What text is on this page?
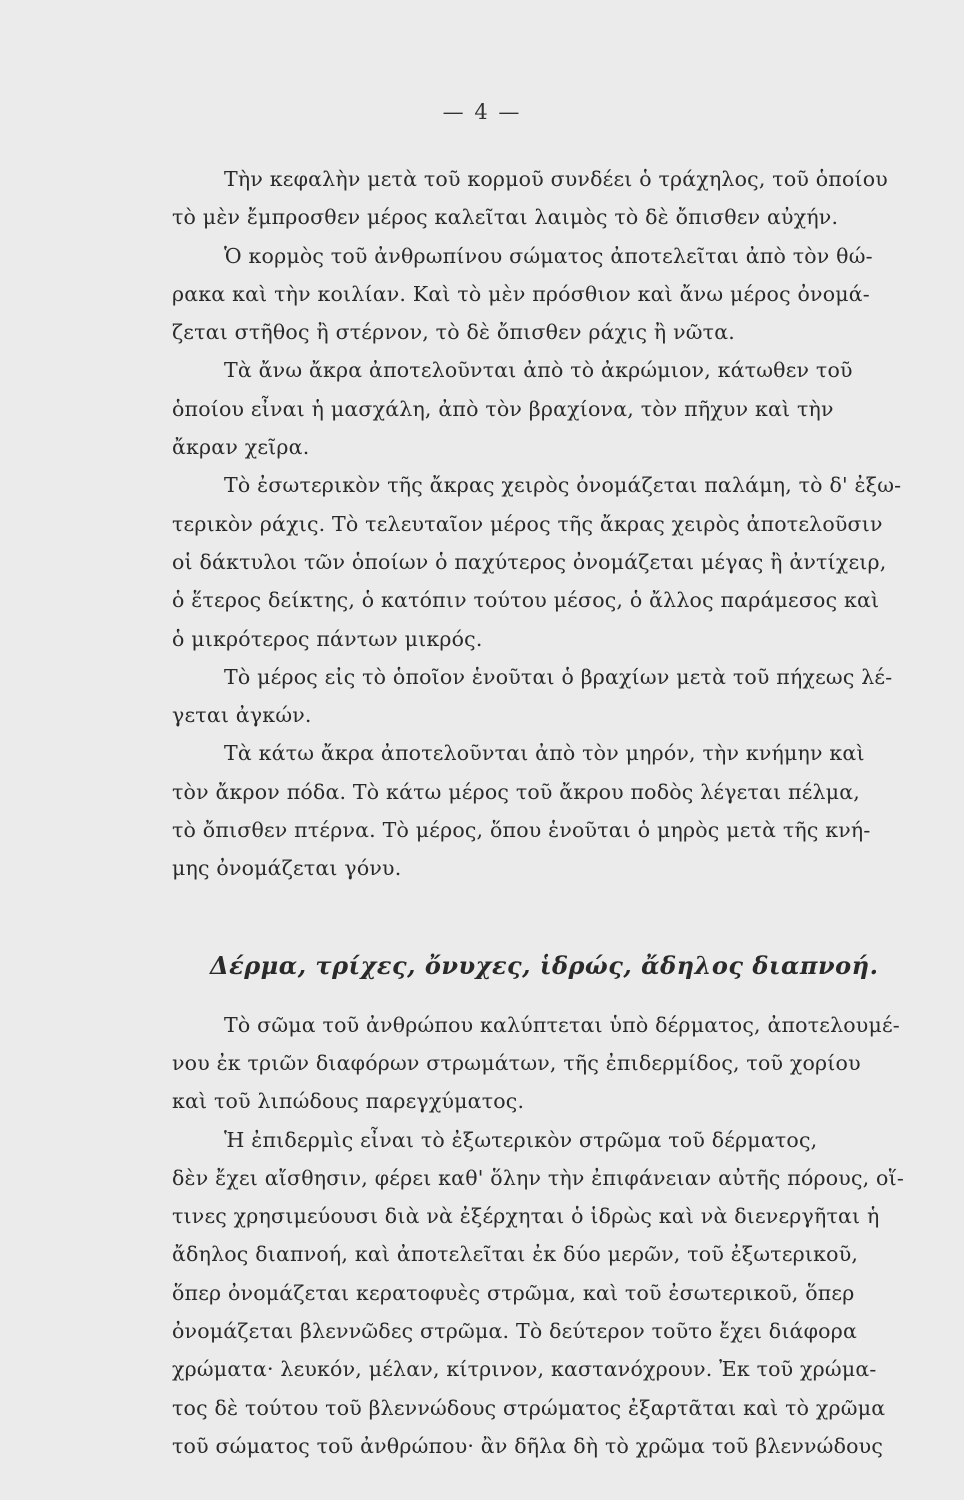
— 4 —
Τὴν κεφαλὴν μετὰ τοῦ κορμοῦ συνδέει ὁ τράχηλος, τοῦ ὁποίου
τὸ μὲν ἔμπροσθεν μέρος καλεῖται λαιμὸς τὸ δὲ ὄπισθεν αὐχήν.
Ὁ κορμὸς τοῦ ἀνθρωπίνου σώματος ἀποτελεῖται ἀπὸ τὸν θώ-
ρακα καὶ τὴν κοιλίαν. Καὶ τὸ μὲν πρόσθιον καὶ ἄνω μέρος ὀνομά-
ζεται στῆθος ἢ στέρνον, τὸ δὲ ὄπισθεν ράχις ἢ νῶτα.
Τὰ ἄνω ἄκρα ἀποτελοῦνται ἀπὸ τὸ ἀκρώμιον, κάτωθεν τοῦ
ὁποίου εἶναι ἡ μασχάλη, ἀπὸ τὸν βραχίονα, τὸν πῆχυν καὶ τὴν
ἄκραν χεῖρα.
Τὸ ἐσωτερικὸν τῆς ἄκρας χειρὸς ὀνομάζεται παλάμη, τὸ δ' ἐξω-
τερικὸν ράχις. Τὸ τελευταῖον μέρος τῆς ἄκρας χειρὸς ἀποτελοῦσιν
οἱ δάκτυλοι τῶν ὁποίων ὁ παχύτερος ὀνομάζεται μέγας ἢ ἀντίχειρ,
ὁ ἕτερος δείκτης, ὁ κατόπιν τούτου μέσος, ὁ ἄλλος παράμεσος καὶ
ὁ μικρότερος πάντων μικρός.
Τὸ μέρος εἰς τὸ ὁποῖον ἑνοῦται ὁ βραχίων μετὰ τοῦ πήχεως λέ-
γεται ἀγκών.
Τὰ κάτω ἄκρα ἀποτελοῦνται ἀπὸ τὸν μηρόν, τὴν κνήμην καὶ
τὸν ἄκρον πόδα. Τὸ κάτω μέρος τοῦ ἄκρου ποδὸς λέγεται πέλμα,
τὸ ὄπισθεν πτέρνα. Τὸ μέρος, ὅπου ἑνοῦται ὁ μηρὸς μετὰ τῆς κνή-
μης ὀνομάζεται γόνυ.
Δέρμα, τρίχες, ὄνυχες, ἱδρώς, ἄδηλος διαπνοή.
Τὸ σῶμα τοῦ ἀνθρώπου καλύπτεται ὑπὸ δέρματος, ἀποτελουμέ-
νου ἐκ τριῶν διαφόρων στρωμάτων, τῆς ἐπιδερμίδος, τοῦ χορίου
καὶ τοῦ λιπώδους παρεγχύματος.
Ἡ ἐπιδερμὶς εἶναι τὸ ἐξωτερικὸν στρῶμα τοῦ δέρματος,
δὲν ἔχει αἴσθησιν, φέρει καθ' ὅλην τὴν ἐπιφάνειαν αὐτῆς πόρους, οἵ-
τινες χρησιμεύουσι διὰ νὰ ἐξέρχηται ὁ ἱδρὼς καὶ νὰ διενεργῆται ἡ
ἄδηλος διαπνοή, καὶ ἀποτελεῖται ἐκ δύο μερῶν, τοῦ ἐξωτερικοῦ,
ὅπερ ὀνομάζεται κερατοφυὲς στρῶμα, καὶ τοῦ ἐσωτερικοῦ, ὅπερ
ὀνομάζεται βλεννῶδες στρῶμα. Τὸ δεύτερον τοῦτο ἔχει διάφορα
χρώματα· λευκόν, μέλαν, κίτρινον, καστανόχρουν. Ἐκ τοῦ χρώμα-
τος δὲ τούτου τοῦ βλεννώδους στρώματος ἐξαρτᾶται καὶ τὸ χρῶμα
τοῦ σώματος τοῦ ἀνθρώπου· ἂν δῆλα δὴ τὸ χρῶμα τοῦ βλεννώδους
